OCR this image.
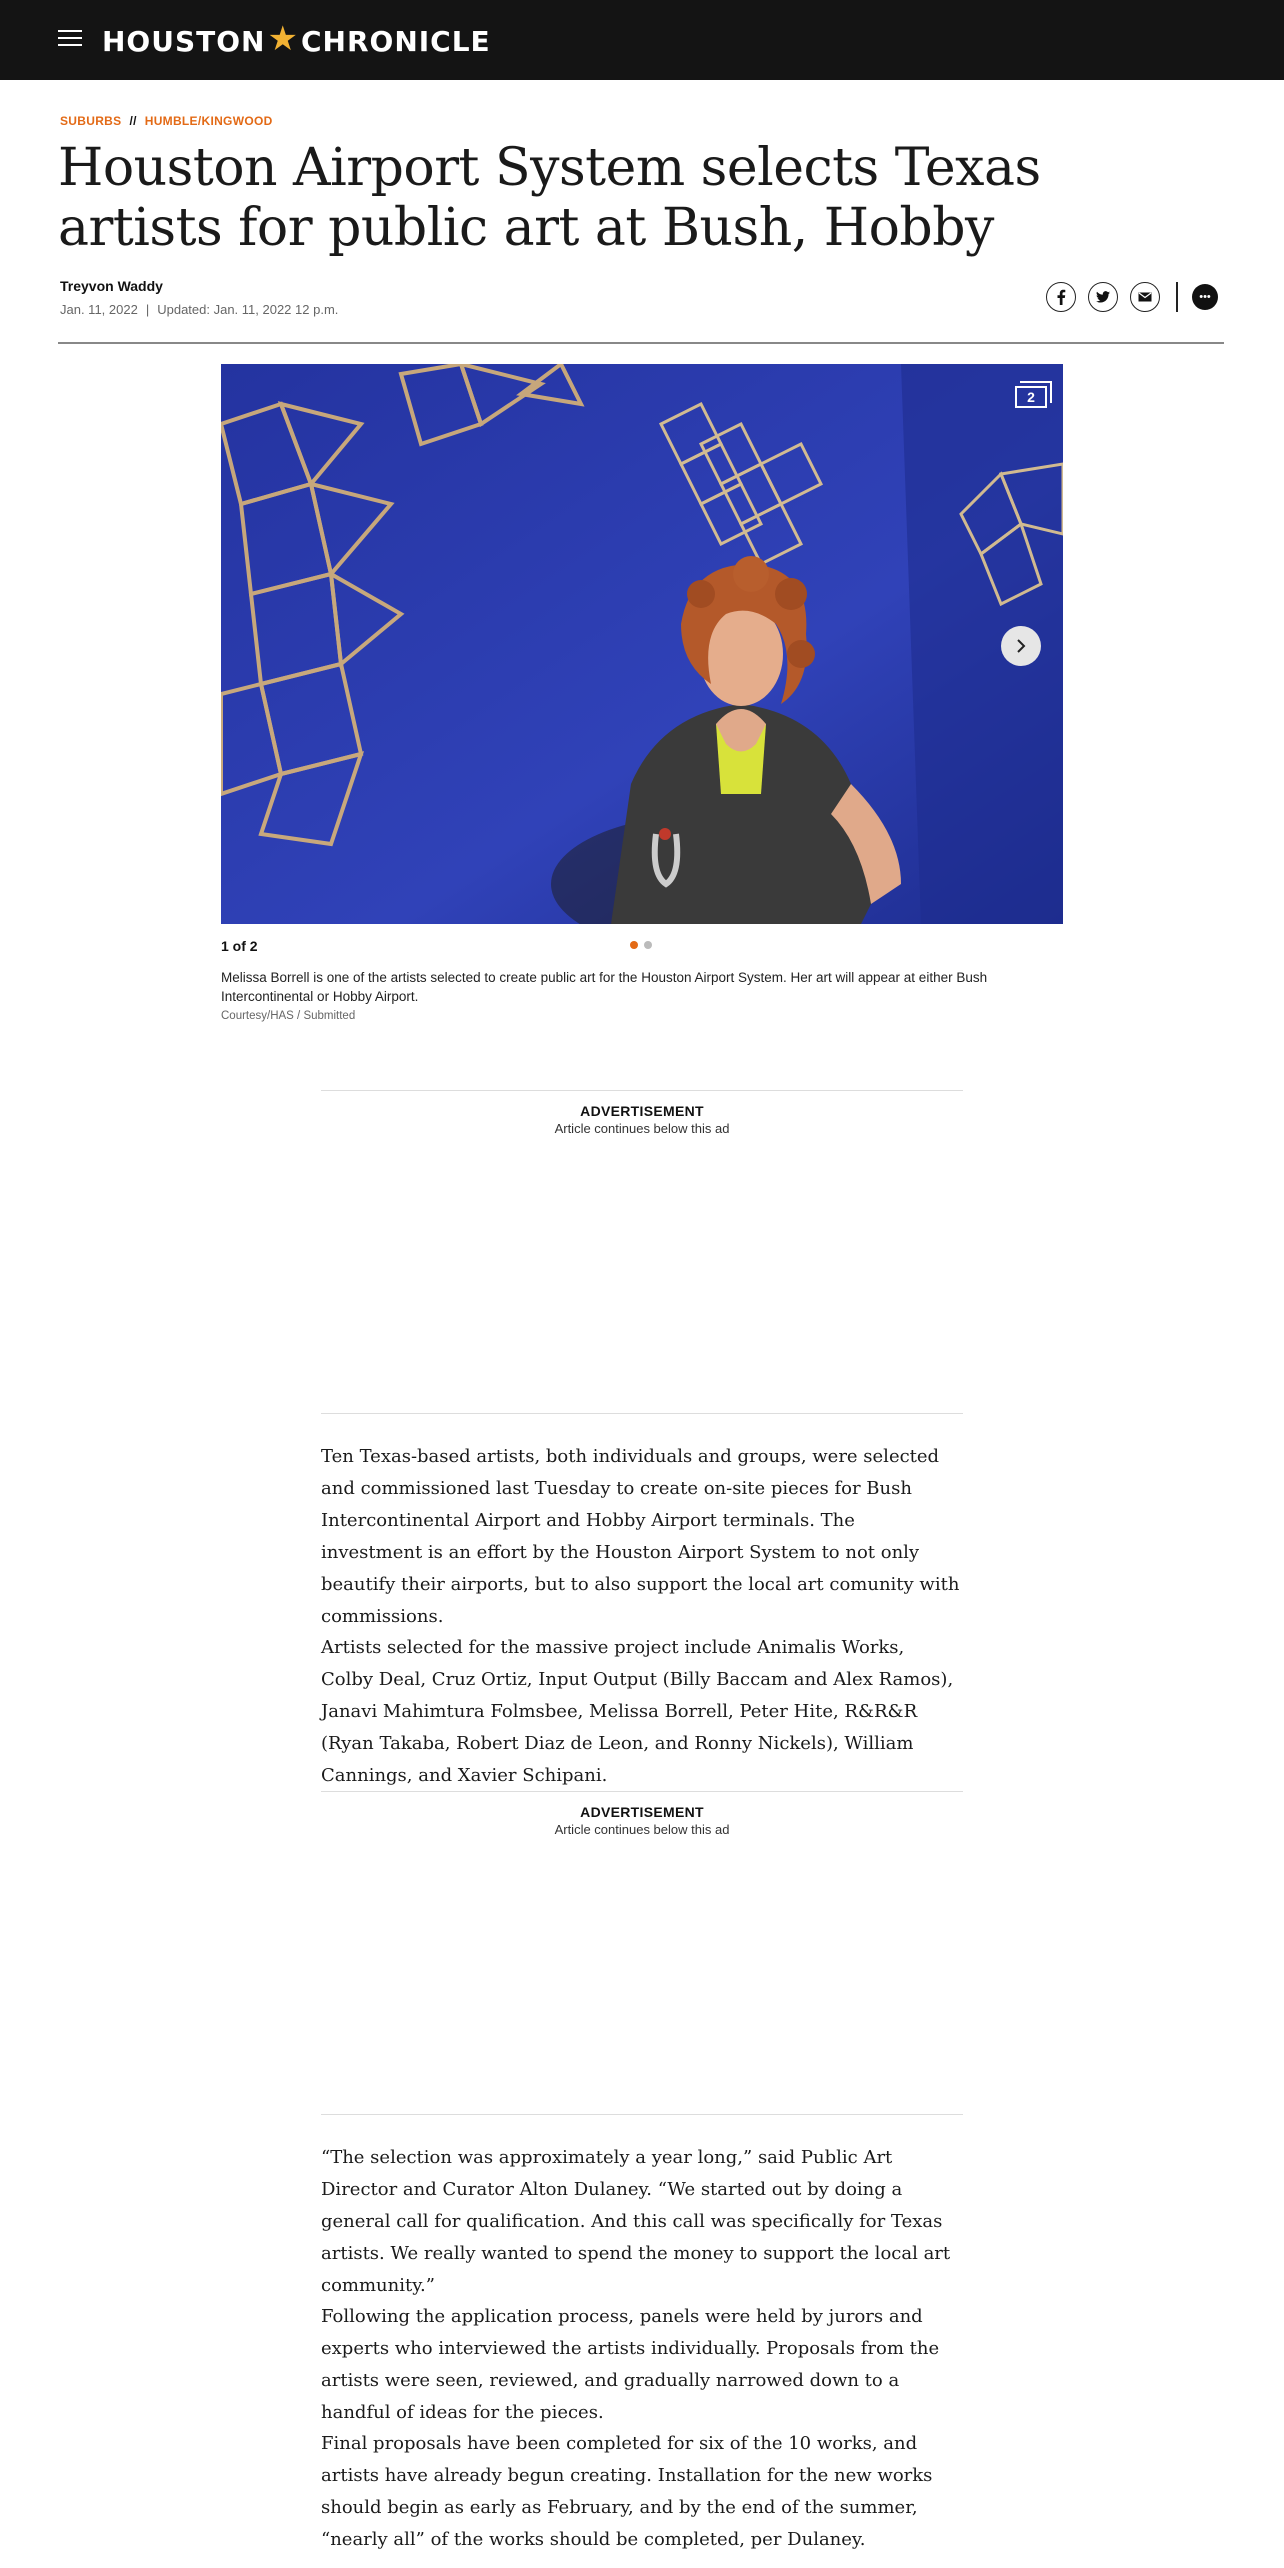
HOUSTON ★ CHRONICLE
SUBURBS // HUMBLE/KINGWOOD
Houston Airport System selects Texas artists for public art at Bush, Hobby
Treyvon Waddy
Jan. 11, 2022 | Updated: Jan. 11, 2022 12 p.m.
•••
2
1 of 2
Melissa Borrell is one of the artists selected to create public art for the Houston Airport System. Her art will appear at either Bush Intercontinental or Hobby Airport.
Courtesy/HAS / Submitted
ADVERTISEMENT
Article continues below this ad

Ten Texas-based artists, both individuals and groups, were selected and commissioned last Tuesday to create on-site pieces for Bush Intercontinental Airport and Hobby Airport terminals. The investment is an effort by the Houston Airport System to not only beautify their airports, but to also support the local art comunity with commissions.

Artists selected for the massive project include Animalis Works, Colby Deal, Cruz Ortiz, Input Output (Billy Baccam and Alex Ramos), Janavi Mahimtura Folmsbee, Melissa Borrell, Peter Hite, R&R&R (Ryan Takaba, Robert Diaz de Leon, and Ronny Nickels), William Cannings, and Xavier Schipani.

ADVERTISEMENT
Article continues below this ad

“The selection was approximately a year long,” said Public Art Director and Curator Alton Dulaney. “We started out by doing a general call for qualification. And this call was specifically for Texas artists. We really wanted to spend the money to support the local art community.”

Following the application process, panels were held by jurors and experts who interviewed the artists individually. Proposals from the artists were seen, reviewed, and gradually narrowed down to a handful of ideas for the pieces.

Final proposals have been completed for six of the 10 works, and artists have already begun creating. Installation for the new works should begin as early as February, and by the end of the summer, “nearly all” of the works should be completed, per Dulaney.
